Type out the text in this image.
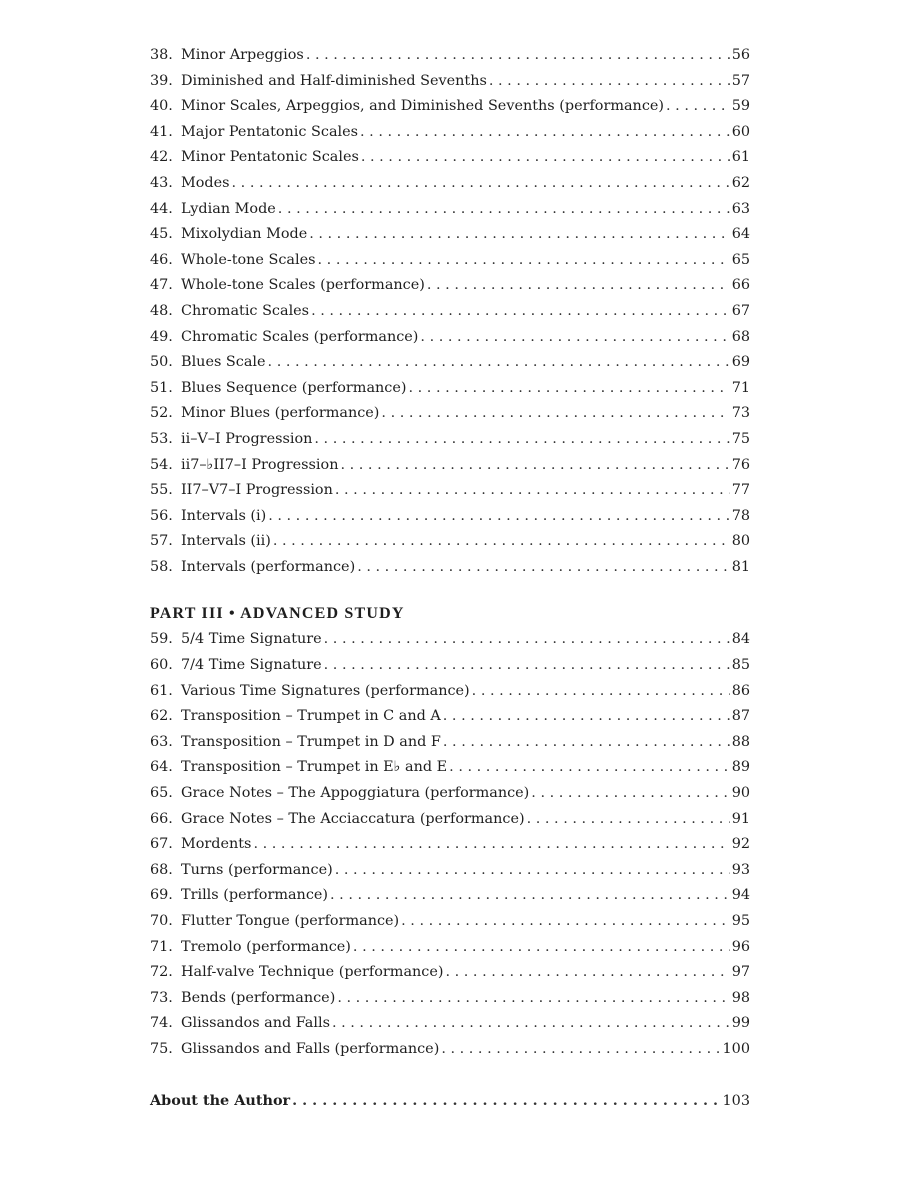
38. Minor Arpeggios . . .	56
39. Diminished and Half-diminished Sevenths . . .	57
40. Minor Scales, Arpeggios, and Diminished Sevenths (performance) . . .	59
41. Major Pentatonic Scales . . .	60
42. Minor Pentatonic Scales . . .	61
43. Modes . . .	62
44. Lydian Mode . . .	63
45. Mixolydian Mode . . .	64
46. Whole-tone Scales . . .	65
47. Whole-tone Scales (performance) . . .	66
48. Chromatic Scales . . .	67
49. Chromatic Scales (performance) . . .	68
50. Blues Scale . . .	69
51. Blues Sequence (performance) . . .	71
52. Minor Blues (performance) . . .	73
53. ii–V–I Progression . . .	75
54. ii7–♭II7–I Progression . . .	76
55. II7–V7–I Progression . . .	77
56. Intervals (i) . . .	78
57. Intervals (ii) . . .	80
58. Intervals (performance) . . .	81
PART III • ADVANCED STUDY
59. 5/4 Time Signature . . .	84
60. 7/4 Time Signature . . .	85
61. Various Time Signatures (performance) . . .	86
62. Transposition – Trumpet in C and A . . .	87
63. Transposition – Trumpet in D and F . . .	88
64. Transposition – Trumpet in E♭ and E . . .	89
65. Grace Notes – The Appoggiatura (performance) . . .	90
66. Grace Notes – The Acciaccatura (performance) . . .	91
67. Mordents . . .	92
68. Turns (performance) . . .	93
69. Trills (performance) . . .	94
70. Flutter Tongue (performance) . . .	95
71. Tremolo (performance) . . .	96
72. Half-valve Technique (performance) . . .	97
73. Bends (performance) . . .	98
74. Glissandos and Falls . . .	99
75. Glissandos and Falls (performance) . . .	100
About the Author . . .	103
